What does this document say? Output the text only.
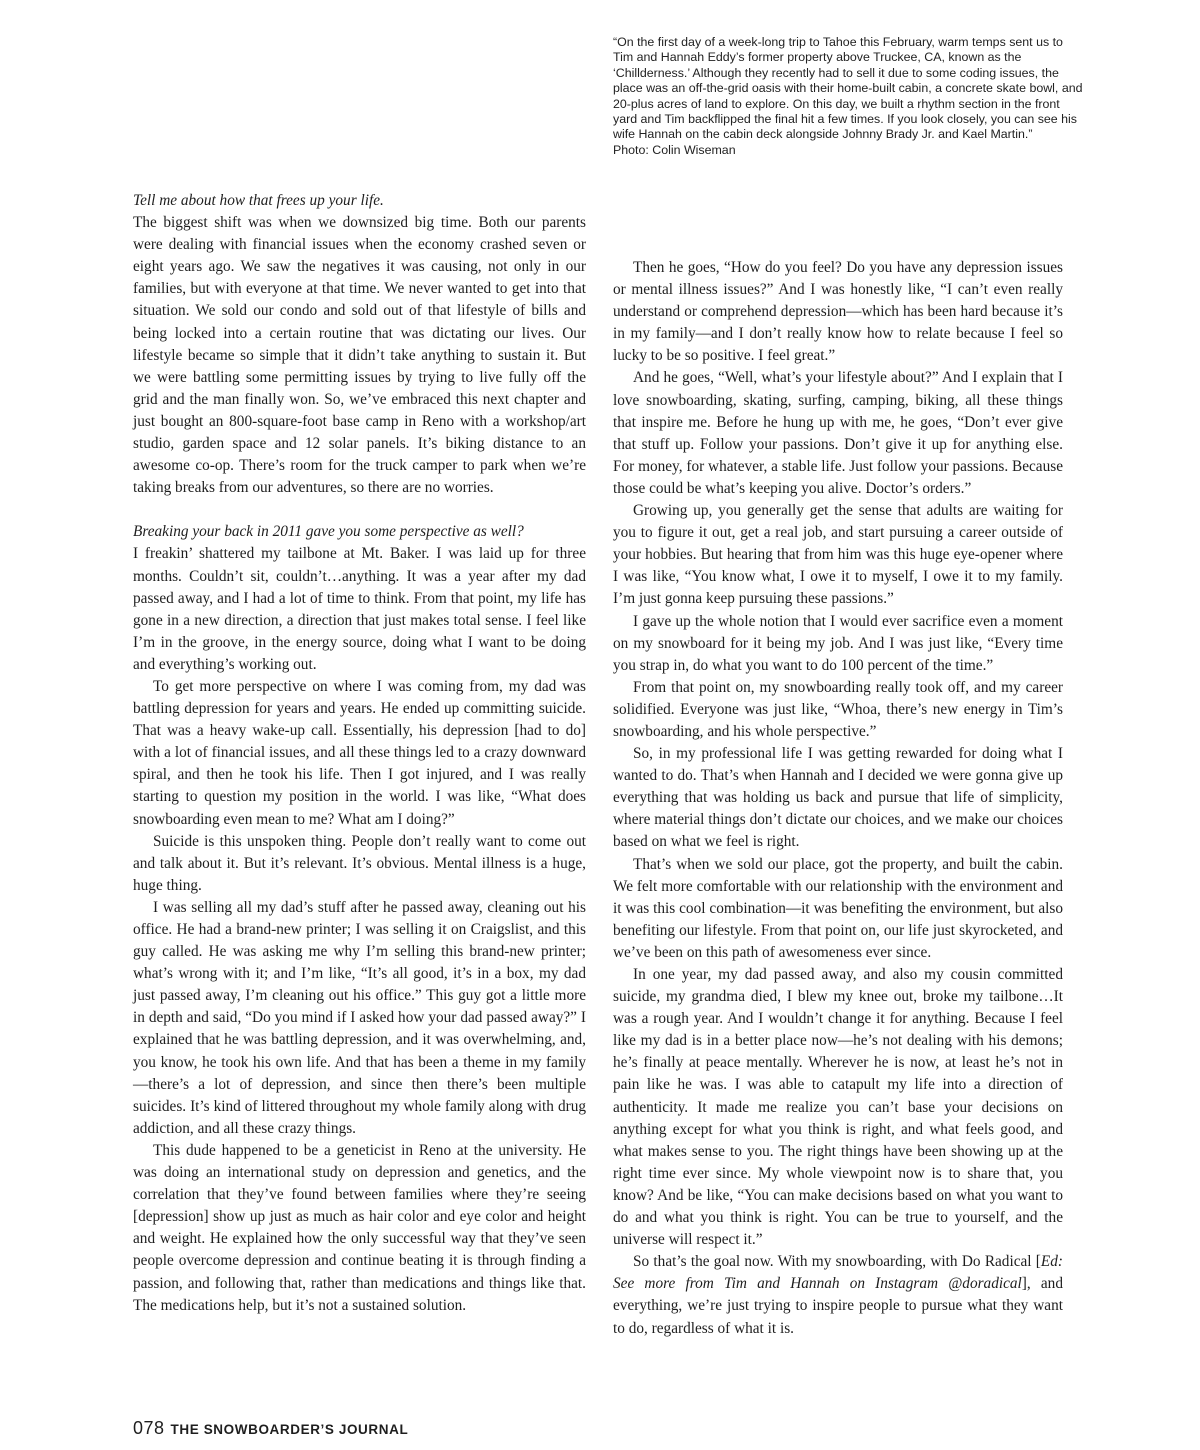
“On the first day of a week-long trip to Tahoe this February, warm temps sent us to Tim and Hannah Eddy’s former property above Truckee, CA, known as the ‘Chillderness.’ Although they recently had to sell it due to some coding issues, the place was an off-the-grid oasis with their home-built cabin, a concrete skate bowl, and 20-plus acres of land to explore. On this day, we built a rhythm section in the front yard and Tim backflipped the final hit a few times. If you look closely, you can see his wife Hannah on the cabin deck alongside Johnny Brady Jr. and Kael Martin.”

Photo: Colin Wiseman

Tell me about how that frees up your life.

The biggest shift was when we downsized big time. Both our parents were dealing with financial issues when the economy crashed seven or eight years ago. We saw the negatives it was causing, not only in our families, but with everyone at that time. We never wanted to get into that situation. We sold our condo and sold out of that lifestyle of bills and being locked into a certain routine that was dictating our lives. Our lifestyle became so simple that it didn’t take anything to sustain it. But we were battling some permitting issues by trying to live fully off the grid and the man finally won. So, we’ve embraced this next chapter and just bought an 800-square-foot base camp in Reno with a workshop/art studio, garden space and 12 solar panels. It’s biking distance to an awesome co-op. There’s room for the truck camper to park when we’re taking breaks from our adventures, so there are no worries.

Breaking your back in 2011 gave you some perspective as well?

I freakin’ shattered my tailbone at Mt. Baker. I was laid up for three months. Couldn’t sit, couldn’t…anything. It was a year after my dad passed away, and I had a lot of time to think. From that point, my life has gone in a new direction, a direction that just makes total sense. I feel like I’m in the groove, in the energy source, doing what I want to be doing and everything’s working out.

To get more perspective on where I was coming from, my dad was battling depression for years and years. He ended up committing suicide. That was a heavy wake-up call. Essentially, his depression [had to do] with a lot of financial issues, and all these things led to a crazy downward spiral, and then he took his life. Then I got injured, and I was really starting to question my position in the world. I was like, “What does snowboarding even mean to me? What am I doing?”

Suicide is this unspoken thing. People don’t really want to come out and talk about it. But it’s relevant. It’s obvious. Mental illness is a huge, huge thing.

I was selling all my dad’s stuff after he passed away, cleaning out his office. He had a brand-new printer; I was selling it on Craigslist, and this guy called. He was asking me why I’m selling this brand-new printer; what’s wrong with it; and I’m like, “It’s all good, it’s in a box, my dad just passed away, I’m cleaning out his office.” This guy got a little more in depth and said, “Do you mind if I asked how your dad passed away?” I explained that he was battling depression, and it was overwhelming, and, you know, he took his own life. And that has been a theme in my family—there’s a lot of depression, and since then there’s been multiple suicides. It’s kind of littered throughout my whole family along with drug addiction, and all these crazy things.

This dude happened to be a geneticist in Reno at the university. He was doing an international study on depression and genetics, and the correlation that they’ve found between families where they’re seeing [depression] show up just as much as hair color and eye color and height and weight. He explained how the only successful way that they’ve seen people overcome depression and continue beating it is through finding a passion, and following that, rather than medications and things like that. The medications help, but it’s not a sustained solution.

Then he goes, “How do you feel? Do you have any depression issues or mental illness issues?” And I was honestly like, “I can’t even really understand or comprehend depression—which has been hard because it’s in my family—and I don’t really know how to relate because I feel so lucky to be so positive. I feel great.”

And he goes, “Well, what’s your lifestyle about?” And I explain that I love snowboarding, skating, surfing, camping, biking, all these things that inspire me. Before he hung up with me, he goes, “Don’t ever give that stuff up. Follow your passions. Don’t give it up for anything else. For money, for whatever, a stable life. Just follow your passions. Because those could be what’s keeping you alive. Doctor’s orders.”

Growing up, you generally get the sense that adults are waiting for you to figure it out, get a real job, and start pursuing a career outside of your hobbies. But hearing that from him was this huge eye-opener where I was like, “You know what, I owe it to myself, I owe it to my family. I’m just gonna keep pursuing these passions.”

I gave up the whole notion that I would ever sacrifice even a moment on my snowboard for it being my job. And I was just like, “Every time you strap in, do what you want to do 100 percent of the time.”

From that point on, my snowboarding really took off, and my career solidified. Everyone was just like, “Whoa, there’s new energy in Tim’s snowboarding, and his whole perspective.”

So, in my professional life I was getting rewarded for doing what I wanted to do. That’s when Hannah and I decided we were gonna give up everything that was holding us back and pursue that life of simplicity, where material things don’t dictate our choices, and we make our choices based on what we feel is right.

That’s when we sold our place, got the property, and built the cabin. We felt more comfortable with our relationship with the environment and it was this cool combination—it was benefiting the environment, but also benefiting our lifestyle. From that point on, our life just skyrocketed, and we’ve been on this path of awesomeness ever since.

In one year, my dad passed away, and also my cousin committed suicide, my grandma died, I blew my knee out, broke my tailbone…It was a rough year. And I wouldn’t change it for anything. Because I feel like my dad is in a better place now—he’s not dealing with his demons; he’s finally at peace mentally. Wherever he is now, at least he’s not in pain like he was. I was able to catapult my life into a direction of authenticity. It made me realize you can’t base your decisions on anything except for what you think is right, and what feels good, and what makes sense to you. The right things have been showing up at the right time ever since. My whole viewpoint now is to share that, you know? And be like, “You can make decisions based on what you want to do and what you think is right. You can be true to yourself, and the universe will respect it.”

So that’s the goal now. With my snowboarding, with Do Radical [Ed: See more from Tim and Hannah on Instagram @doradical], and everything, we’re just trying to inspire people to pursue what they want to do, regardless of what it is.

078 THE SNOWBOARDER’S JOURNAL
